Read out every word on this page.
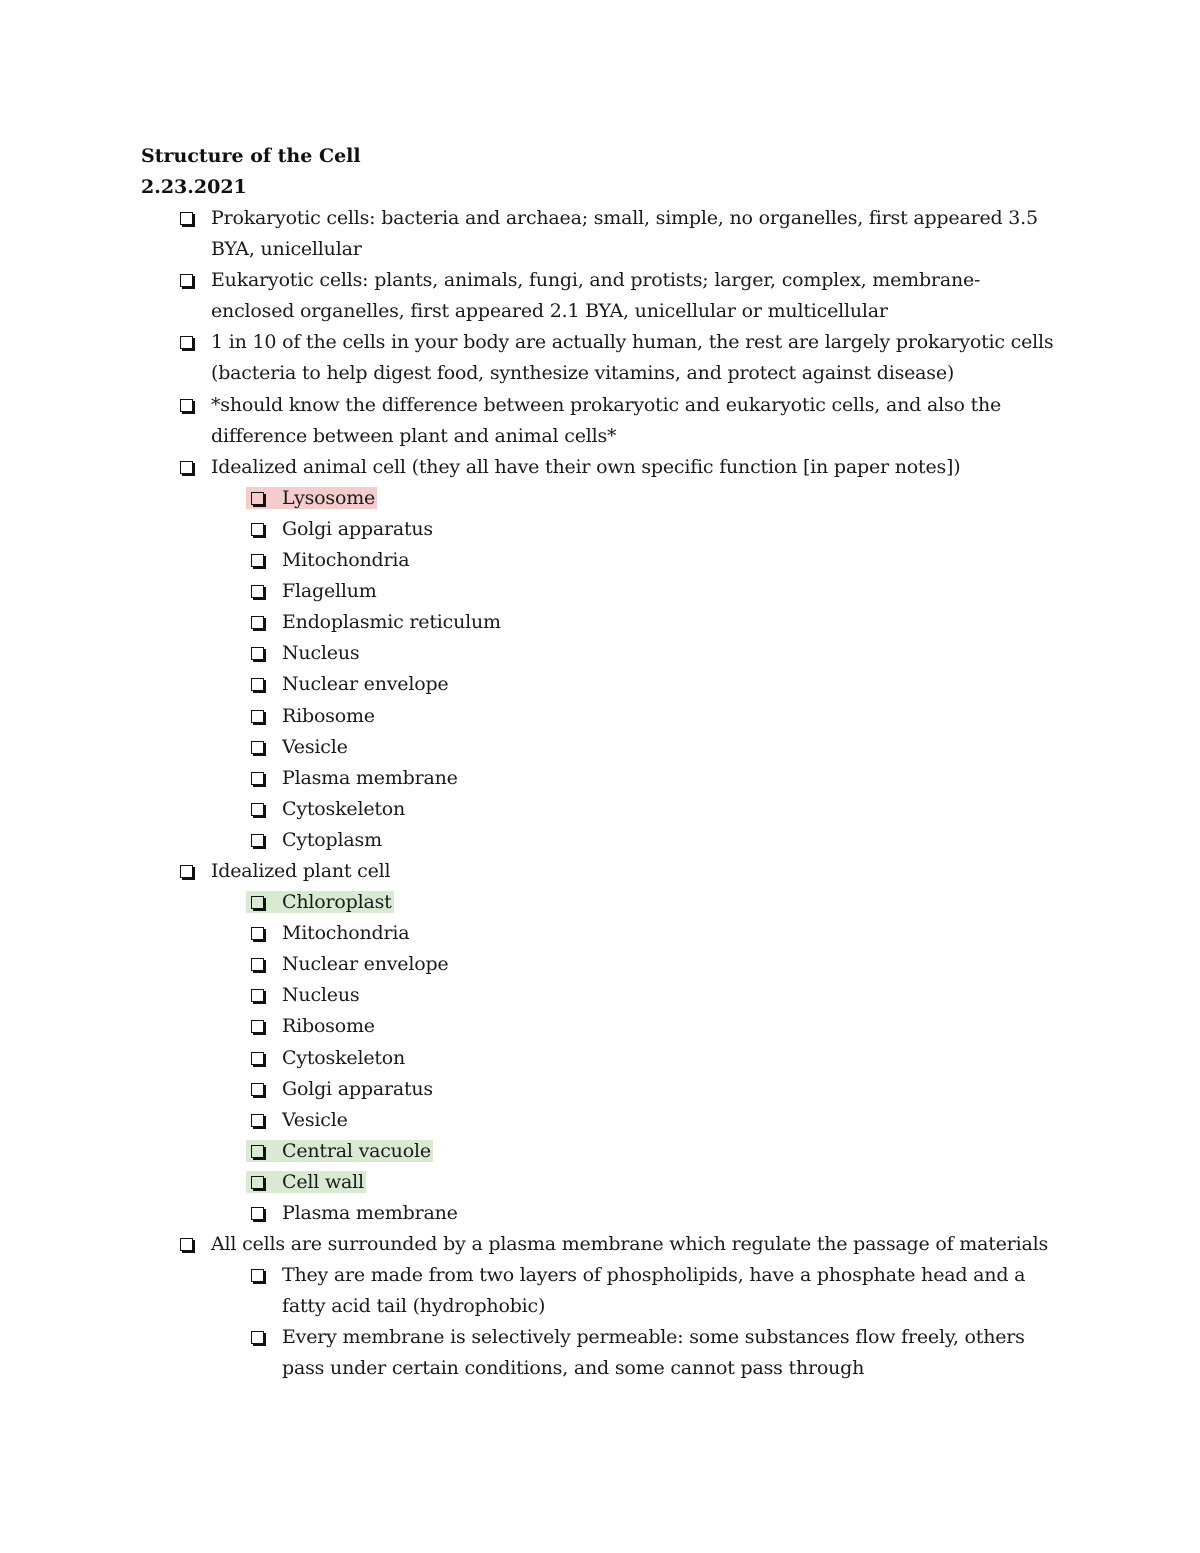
Structure of the Cell
2.23.2021
Prokaryotic cells: bacteria and archaea; small, simple, no organelles, first appeared 3.5 BYA, unicellular
Eukaryotic cells: plants, animals, fungi, and protists; larger, complex, membrane-enclosed organelles, first appeared 2.1 BYA, unicellular or multicellular
1 in 10 of the cells in your body are actually human, the rest are largely prokaryotic cells (bacteria to help digest food, synthesize vitamins, and protect against disease)
*should know the difference between prokaryotic and eukaryotic cells, and also the difference between plant and animal cells*
Idealized animal cell (they all have their own specific function [in paper notes])
Lysosome
Golgi apparatus
Mitochondria
Flagellum
Endoplasmic reticulum
Nucleus
Nuclear envelope
Ribosome
Vesicle
Plasma membrane
Cytoskeleton
Cytoplasm
Idealized plant cell
Chloroplast
Mitochondria
Nuclear envelope
Nucleus
Ribosome
Cytoskeleton
Golgi apparatus
Vesicle
Central vacuole
Cell wall
Plasma membrane
All cells are surrounded by a plasma membrane which regulate the passage of materials
They are made from two layers of phospholipids, have a phosphate head and a fatty acid tail (hydrophobic)
Every membrane is selectively permeable: some substances flow freely, others pass under certain conditions, and some cannot pass through
